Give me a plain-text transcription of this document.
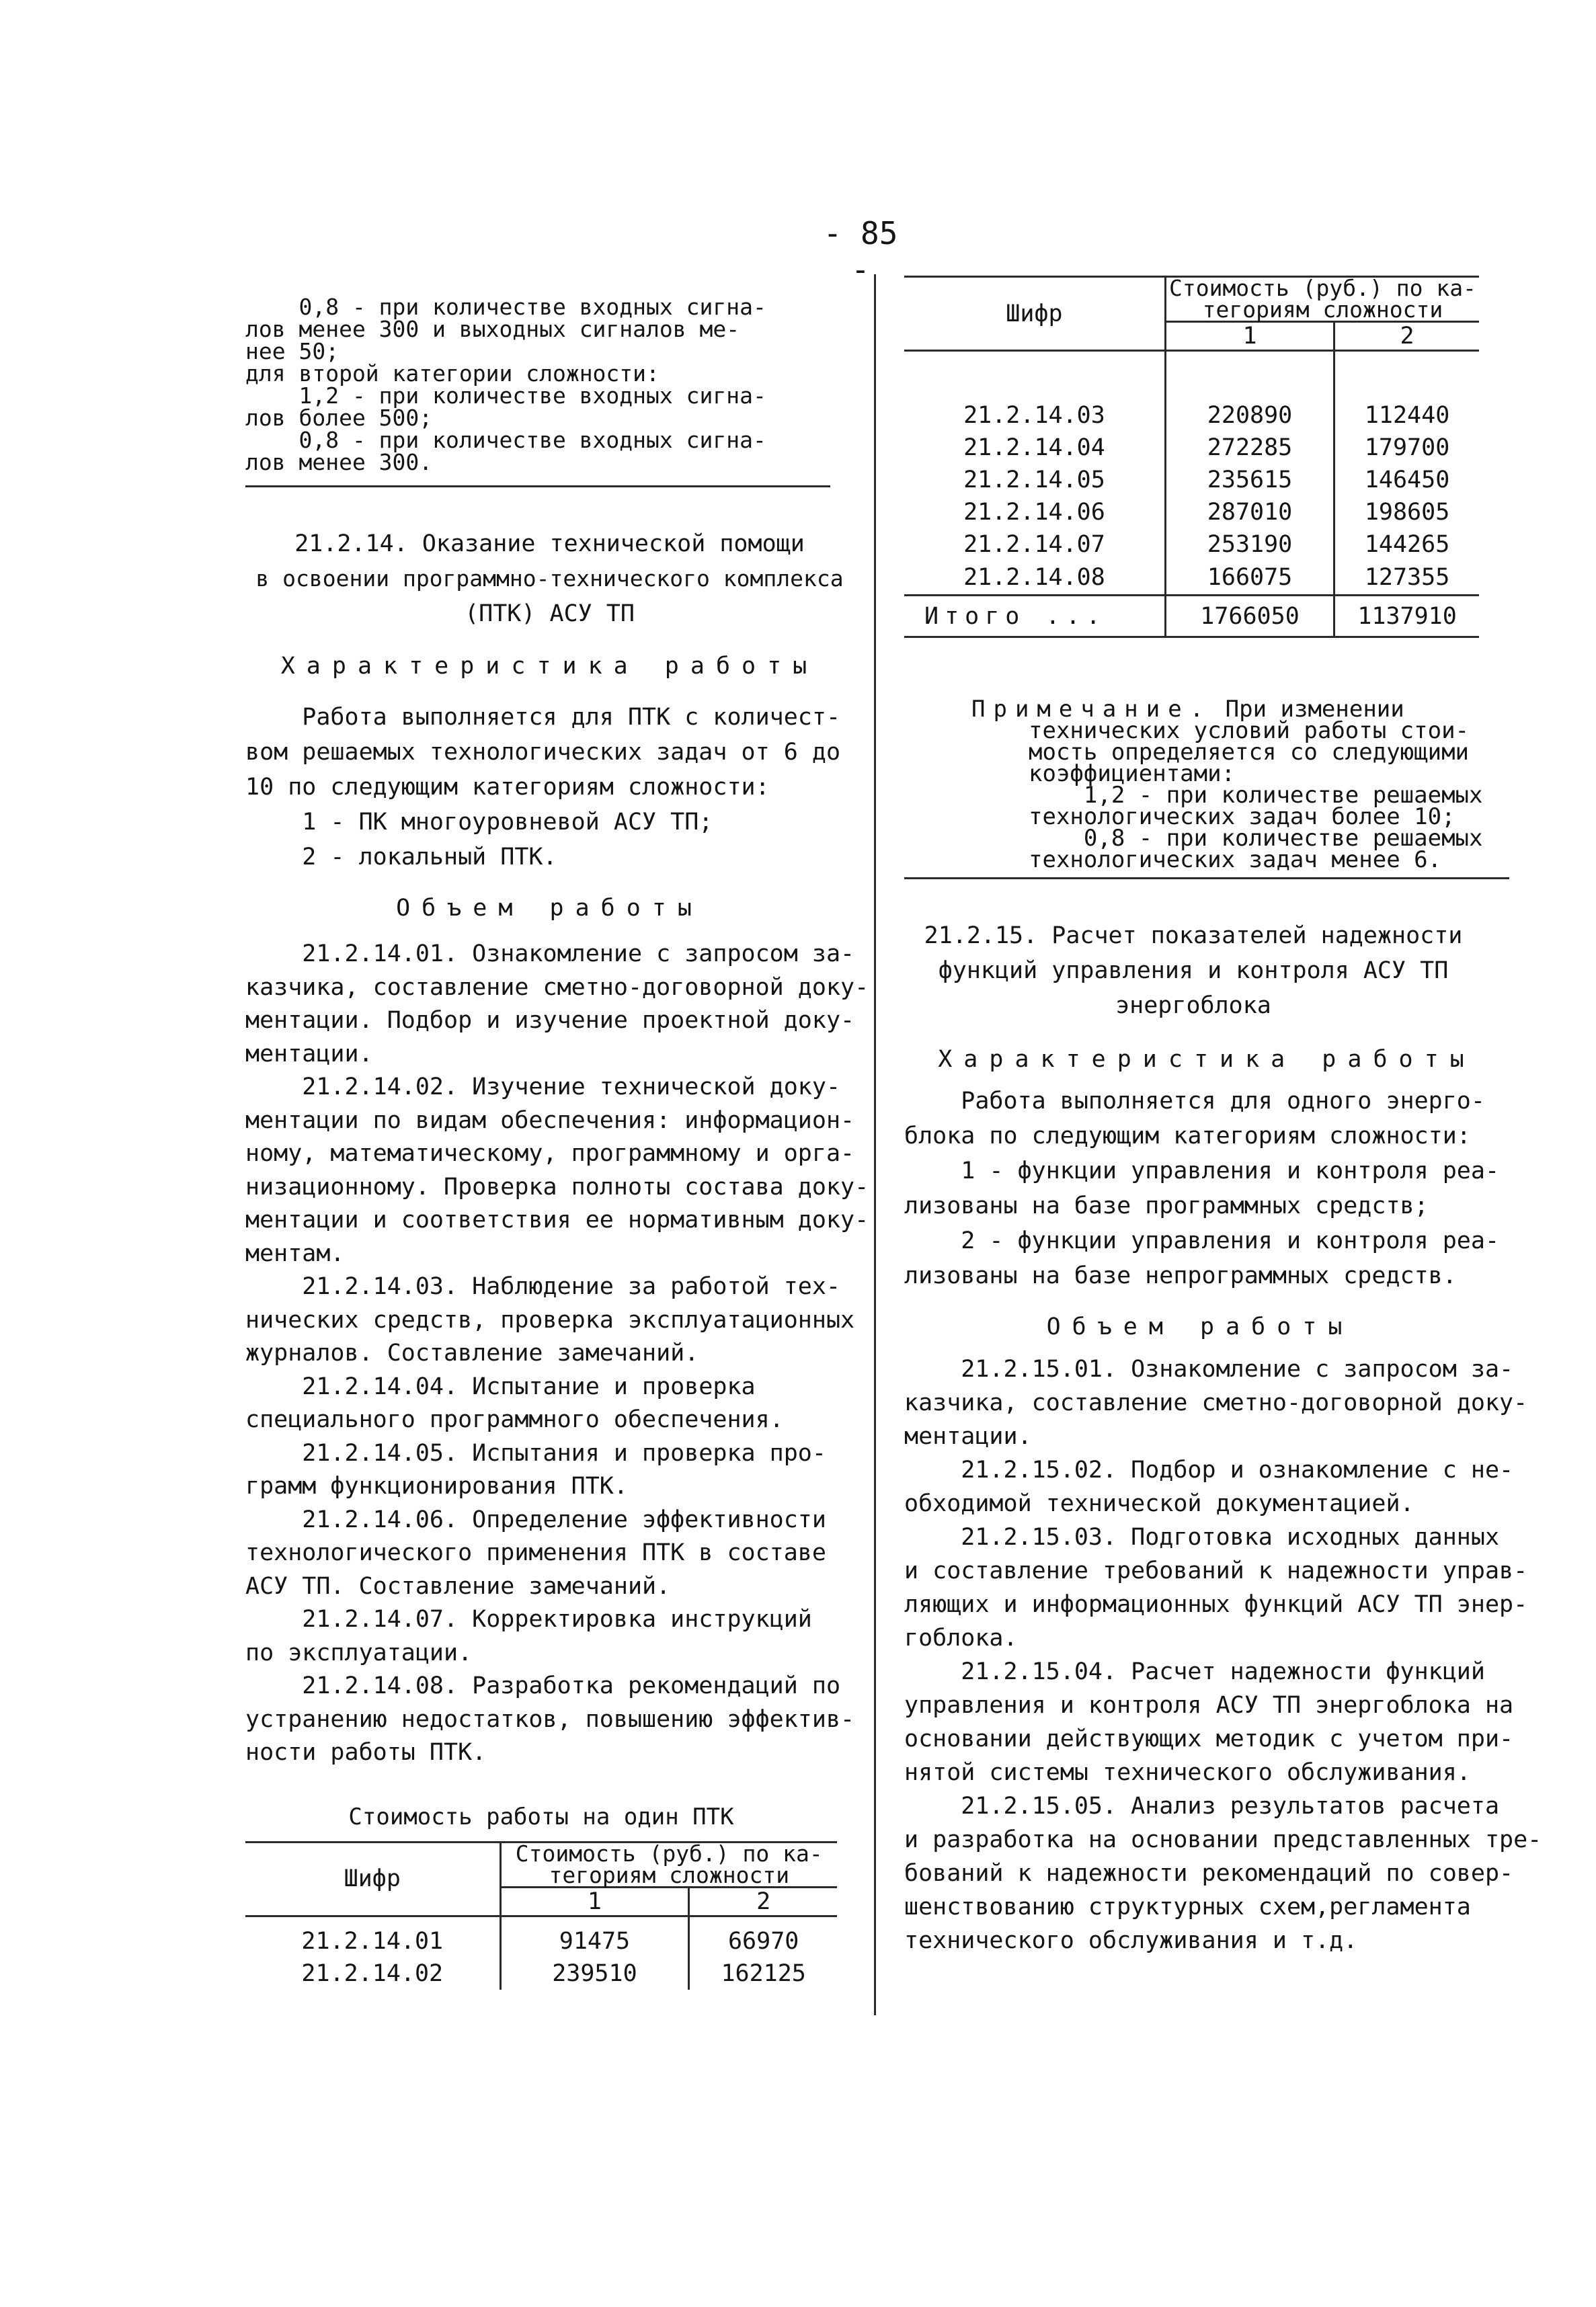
- 85 -
0,8 - при количестве входных сигна-
лов менее 300 и выходных сигналов ме-
нее 50;
для второй категории сложности:
1,2 - при количестве входных сигна-
лов более 500;
0,8 - при количестве входных сигна-
лов менее 300.
21.2.14. Оказание технической помощи
в освоении программно-технического комплекса
(ПТК) АСУ ТП
Характеристика работы
Работа выполняется для ПТК с количест-
вом решаемых технологических задач от 6 до
10 по следующим категориям сложности:
1 - ПК многоуровневой АСУ ТП;
2 - локальный ПТК.
Объем работы
21.2.14.01. Ознакомление с запросом за-
казчика, составление сметно-договорной доку-
ментации. Подбор и изучение проектной доку-
ментации.
21.2.14.02. Изучение технической доку-
ментации по видам обеспечения: информацион-
ному, математическому, программному и орга-
низационному. Проверка полноты состава доку-
ментации и соответствия ее нормативным доку-
ментам.
21.2.14.03. Наблюдение за работой тех-
нических средств, проверка эксплуатационных
журналов. Составление замечаний.
21.2.14.04. Испытание и проверка
специального программного обеспечения.
21.2.14.05. Испытания и проверка про-
грамм функционирования ПТК.
21.2.14.06. Определение эффективности
технологического применения ПТК в составе
АСУ ТП. Составление замечаний.
21.2.14.07. Корректировка инструкций
по эксплуатации.
21.2.14.08. Разработка рекомендаций по
устранению недостатков, повышению эффектив-
ности работы ПТК.
Стоимость работы на один ПТК
Шифр	Стоимость (руб.) по ка-
тегориям сложности	

	1	2

21.2.14.01	91475	66970
21.2.14.02	239510	162125
Шифр	Стоимость (руб.) по ка-
тегориям сложности	

	1	2

21.2.14.03	220890	112440
21.2.14.04	272285	179700
21.2.14.05	235615	146450
21.2.14.06	287010	198605
21.2.14.07	253190	144265
21.2.14.08	166075	127355
Итого ...	1766050	1137910
Примечание. При изменении
технических условий работы стои-
мость определяется со следующими
коэффициентами:
1,2 - при количестве решаемых
технологических задач более 10;
0,8 - при количестве решаемых
технологических задач менее 6.
21.2.15. Расчет показателей надежности
функций управления и контроля АСУ ТП
энергоблока
Характеристика работы
Работа выполняется для одного энерго-
блока по следующим категориям сложности:
1 - функции управления и контроля реа-
лизованы на базе программных средств;
2 - функции управления и контроля реа-
лизованы на базе непрограммных средств.
Объем работы
21.2.15.01. Ознакомление с запросом за-
казчика, составление сметно-договорной доку-
ментации.
21.2.15.02. Подбор и ознакомление с не-
обходимой технической документацией.
21.2.15.03. Подготовка исходных данных
и составление требований к надежности управ-
ляющих и информационных функций АСУ ТП энер-
гоблока.
21.2.15.04. Расчет надежности функций
управления и контроля АСУ ТП энергоблока на
основании действующих методик с учетом при-
нятой системы технического обслуживания.
21.2.15.05. Анализ результатов расчета
и разработка на основании представленных тре-
бований к надежности рекомендаций по совер-
шенствованию структурных схем,регламента
технического обслуживания и т.д.
